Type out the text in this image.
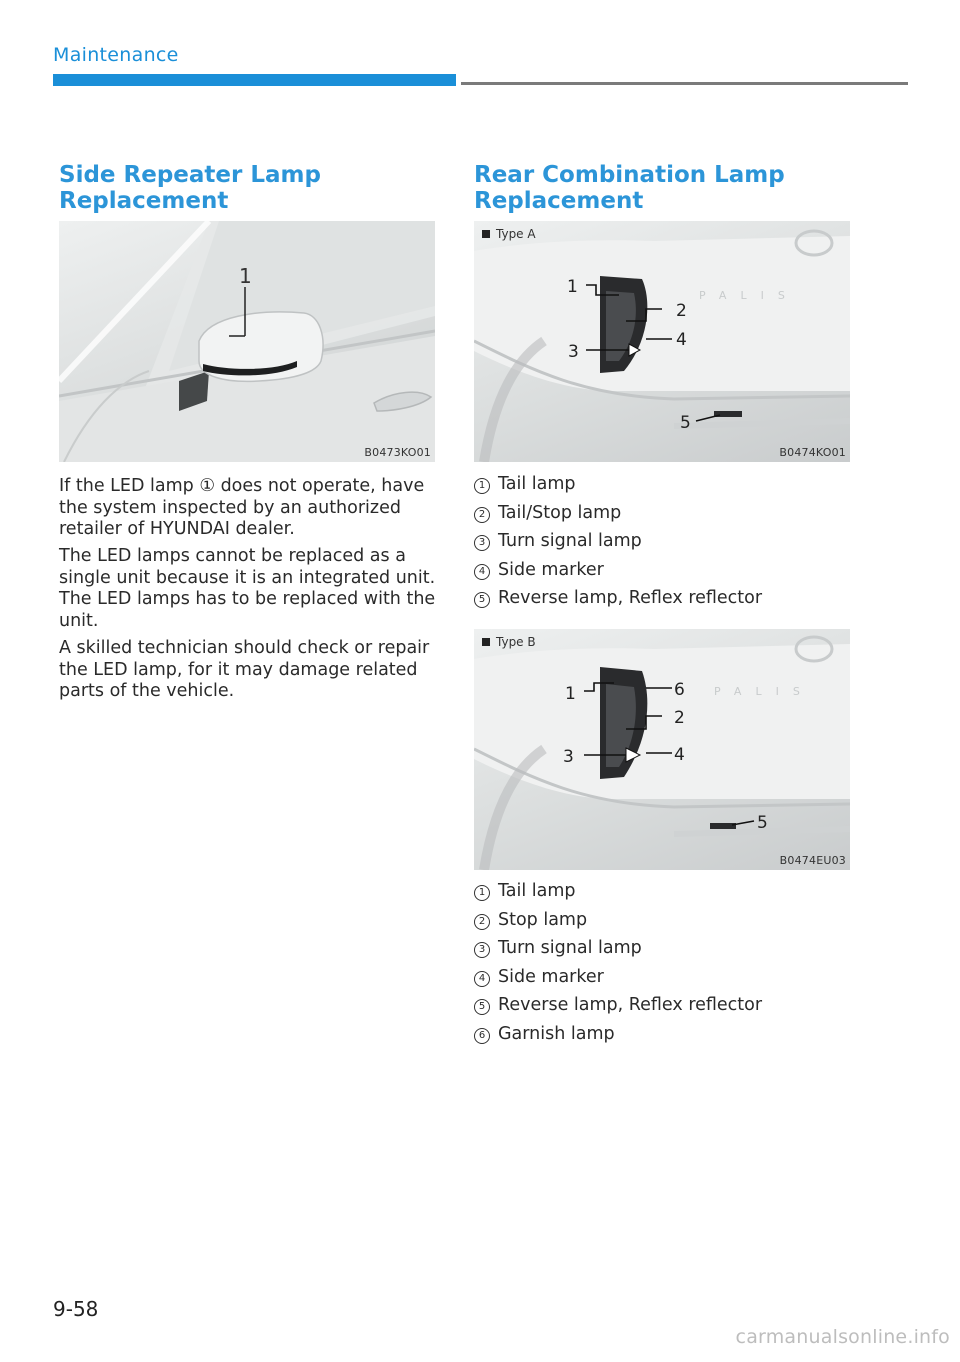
Maintenance
Side Repeater Lamp
Replacement
1
B0473KO01

If the LED lamp ① does not operate, have the system inspected by an authorized retailer of HYUNDAI dealer.

The LED lamps cannot be replaced as a single unit because it is an integrated unit. The LED lamps has to be replaced with the unit.

A skilled technician should check or repair the LED lamp, for it may damage related parts of the vehicle.

Rear Combination Lamp
Replacement
PALIS
1
2
3
4
5
Type A
B0474KO01
1 Tail lamp
2 Tail/Stop lamp
3 Turn signal lamp
4 Side marker
5 Reverse lamp, Reflex reflector
PALIS
1	6
2
3	4
5
Type B
B0474EU03
1 Tail lamp
2 Stop lamp
3 Turn signal lamp
4 Side marker
5 Reverse lamp, Reflex reflector
6 Garnish lamp
9-58
carmanualsonline.info
